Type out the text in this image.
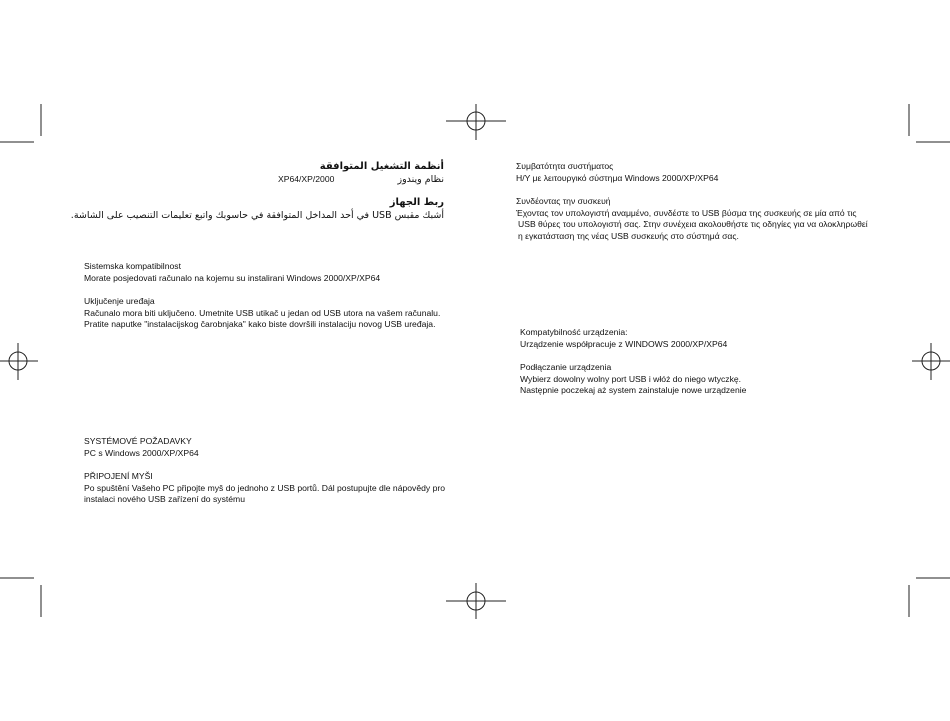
أنظمة التشغيل المتوافقة
نظام ويندوز
XP64/XP/2000
ربط الجهاز
أشبك مقبس USB في أحد المداخل المتوافقة في حاسوبك واتبع تعليمات التنصيب على الشاشة.
Sistemska kompatibilnost
Morate posjedovati računalo na kojemu su instalirani Windows 2000/XP/XP64
Uključenje uređaja
Računalo mora biti uključeno. Umetnite USB utikač u jedan od USB utora na vašem računalu.
Pratite naputke "instalacijskog čarobnjaka" kako biste dovršili instalaciju novog USB uređaja.
SYSTÉMOVÉ POŽADAVKY
PC s Windows 2000/XP/XP64
PŘIPOJENÍ MYŠI
Po spuštění Vašeho PC připojte myš do jednoho z USB portů. Dál postupujte dle nápovědy pro
instalaci nového USB zařízení do systému
Συμβατότητα συστήματος
Η/Υ με λειτουργικό σύστημα Windows 2000/XP/XP64
Συνδέοντας την συσκευή
Έχοντας τον υπολογιστή αναμμένο, συνδέστε το USB βύσμα της συσκευής σε μία από τις
USB θύρες του υπολογιστή σας. Στην συνέχεια ακολουθήστε τις οδηγίες για να ολοκληρωθεί
η εγκατάσταση της νέας USB συσκευής στο σύστημά σας.
Kompatybilność urządzenia:
Urządzenie współpracuje z WINDOWS 2000/XP/XP64
Podłączanie urządzenia
Wybierz dowolny wolny port USB i włóż do niego wtyczkę.
Następnie poczekaj aż system zainstaluje nowe urządzenie
